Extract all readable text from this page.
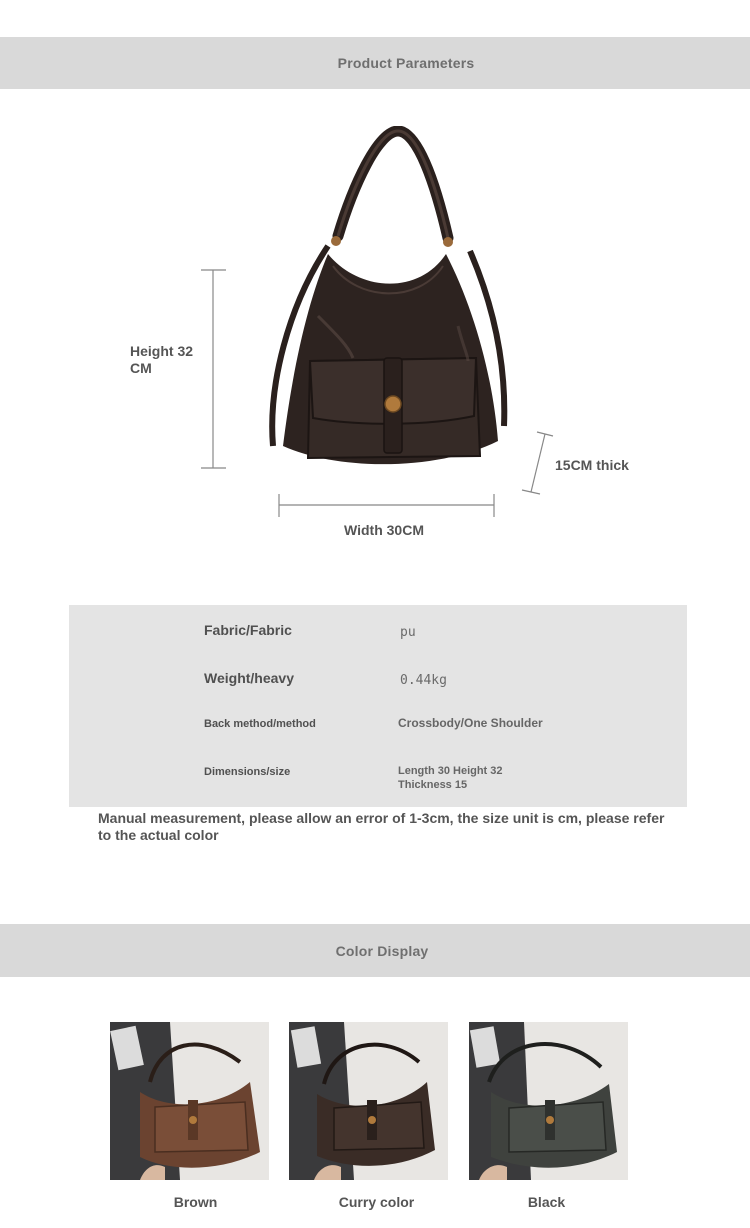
Product Parameters
Height 32 CM
15CM thick
Width 30CM
Fabric/Fabric	pu
Weight/heavy	0.44kg
Back method/method	Crossbody/One Shoulder
Dimensions/size	Length 30 Height 32
Thickness 15
Manual measurement, please allow an error of 1-3cm, the size unit is cm, please refer to the actual color
Color Display
Brown	Curry color	Black
